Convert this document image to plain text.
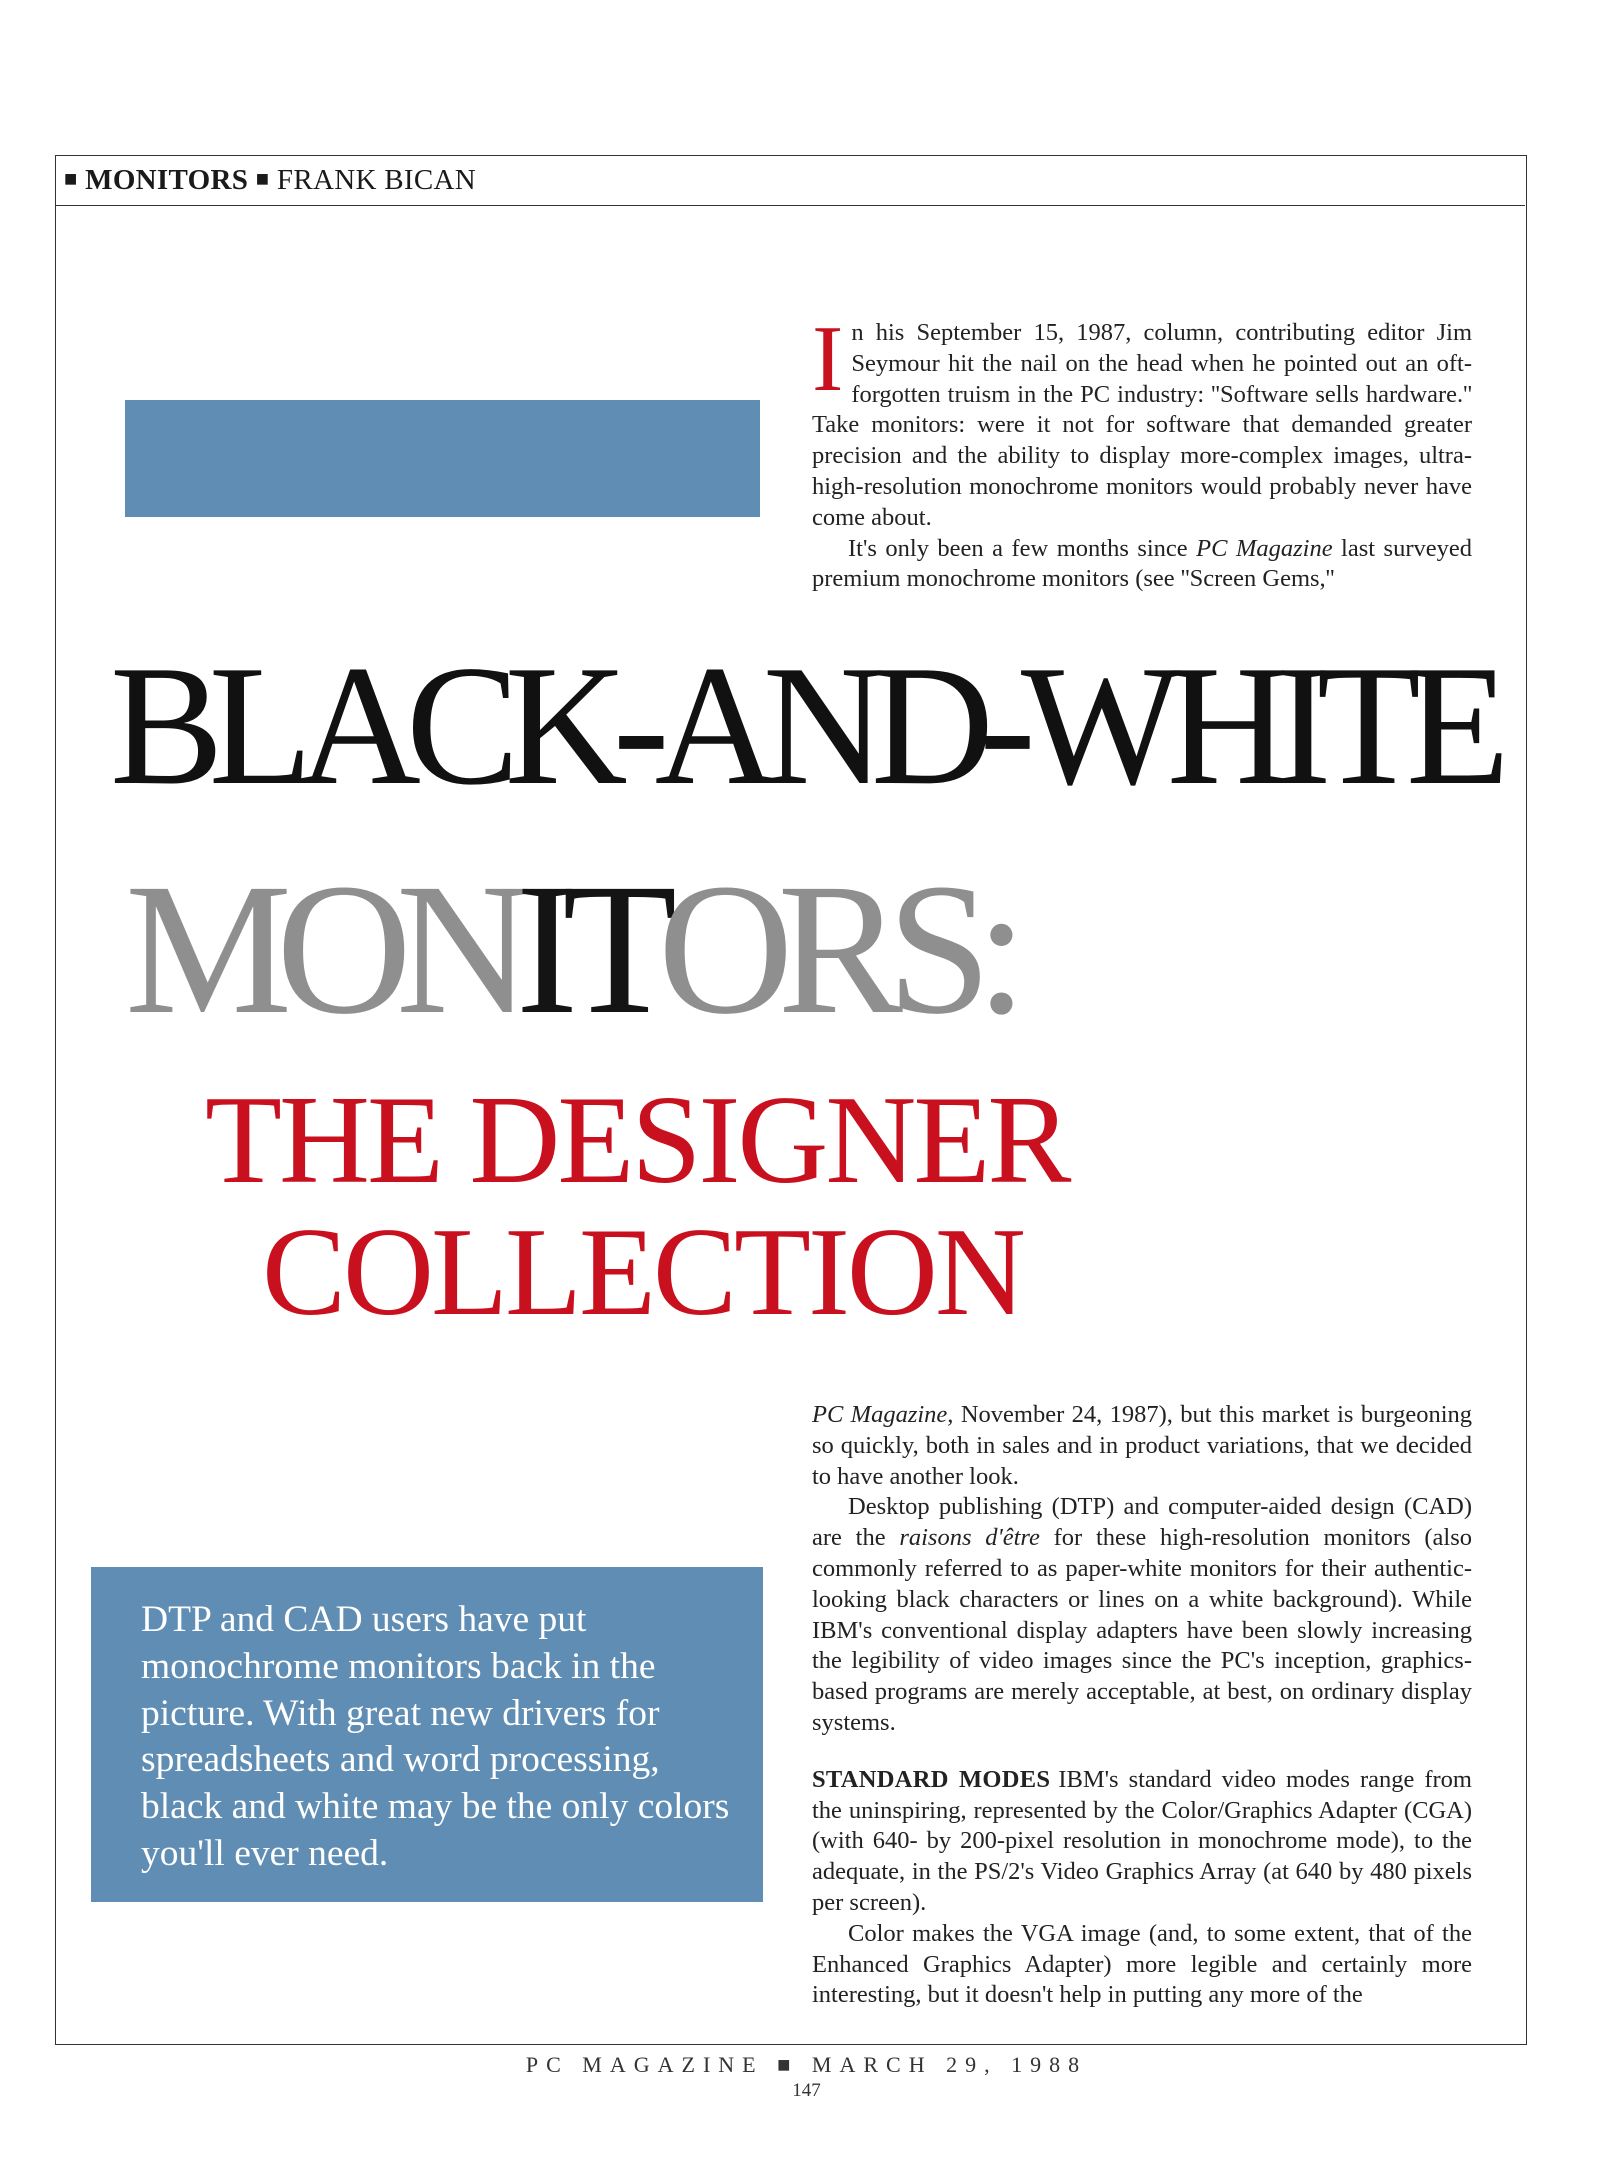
■ MONITORS ■ FRANK BICAN

In his September 15, 1987, column, contributing editor Jim Seymour hit the nail on the head when he pointed out an oft-forgotten truism in the PC industry: ''Software sells hardware.'' Take monitors: were it not for software that demanded greater precision and the ability to display more-complex images, ultra-high-resolution monochrome monitors would probably never have come about.

It's only been a few months since PC Magazine last surveyed premium monochrome monitors (see ''Screen Gems,''

BLACK-AND-WHITE
MONITORS:
THE DESIGNER
COLLECTION

PC Magazine, November 24, 1987), but this market is burgeoning so quickly, both in sales and in product variations, that we decided to have another look.

Desktop publishing (DTP) and computer-aided design (CAD) are the raisons d'être for these high-resolution monitors (also commonly referred to as paper-white monitors for their authentic-looking black characters or lines on a white background). While IBM's conventional display adapters have been slowly increasing the legibility of video images since the PC's inception, graphics-based programs are merely acceptable, at best, on ordinary display systems.

STANDARD MODES IBM's standard video modes range from the uninspiring, represented by the Color/Graphics Adapter (CGA) (with 640- by 200-pixel resolution in monochrome mode), to the adequate, in the PS/2's Video Graphics Array (at 640 by 480 pixels per screen).

Color makes the VGA image (and, to some extent, that of the Enhanced Graphics Adapter) more legible and certainly more interesting, but it doesn't help in putting any more of the

DTP and CAD users have put monochrome monitors back in the picture. With great new drivers for spreadsheets and word processing, black and white may be the only colors you'll ever need.
PC MAGAZINE ■ MARCH 29, 1988
147
